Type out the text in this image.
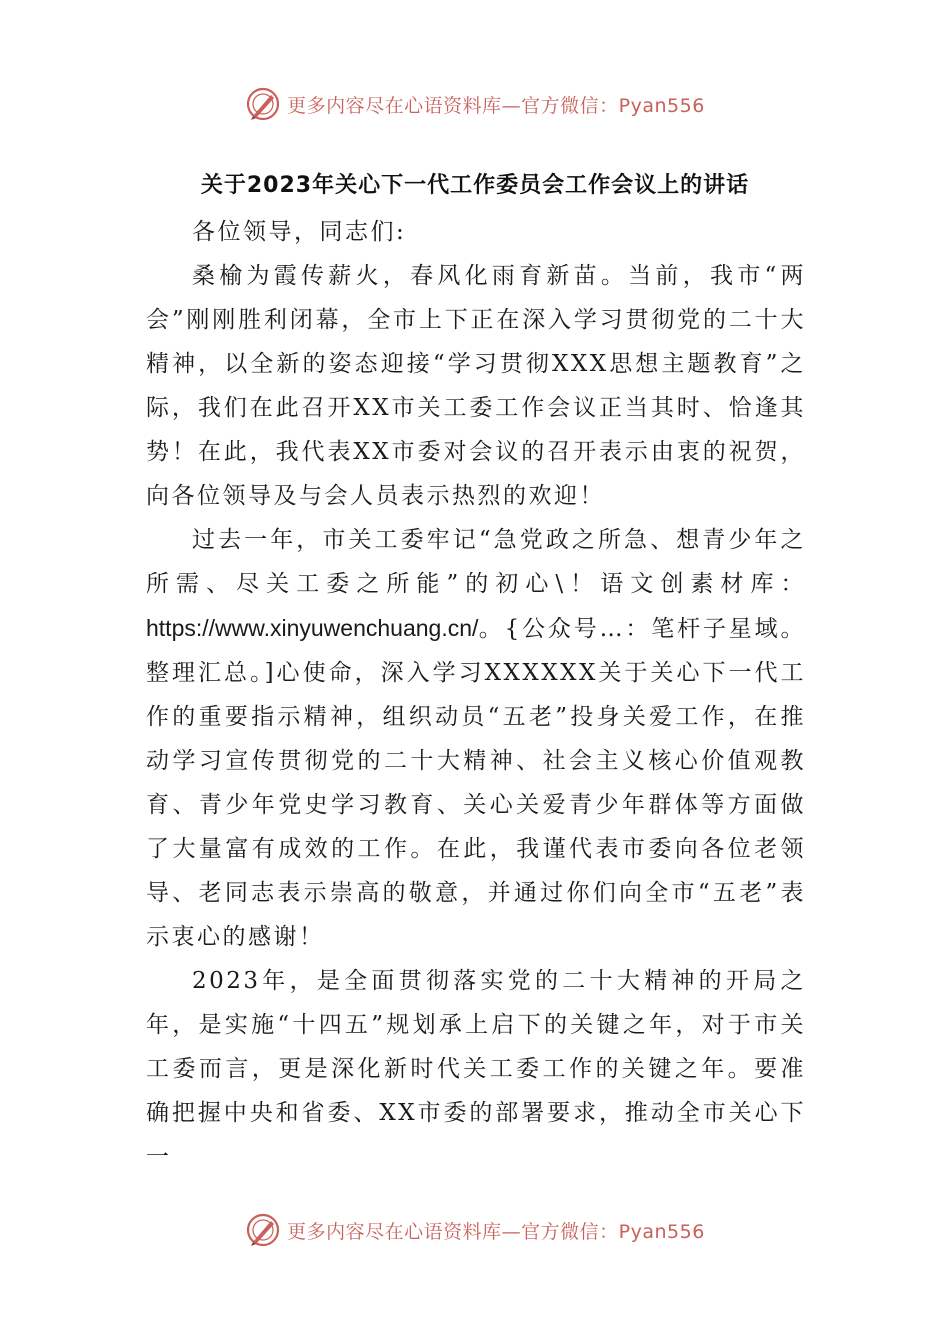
更多内容尽在心语资料库—官方微信：Pyan556
关于2023年关心下一代工作委员会工作会议上的讲话

各位领导，同志们:

桑榆为霞传薪火，春风化雨育新苗。当前，我市“两会”刚刚胜利闭幕，全市上下正在深入学习贯彻党的二十大精神，以全新的姿态迎接“学习贯彻XXX思想主题教育”之际，我们在此召开XX市关工委工作会议正当其时、恰逢其势！在此，我代表XX市委对会议的召开表示由衷的祝贺，向各位领导及与会人员表示热烈的欢迎！

过去一年，市关工委牢记“急党政之所急、想青少年之所需、尽关工委之所能”的初心\！语文创素材库：https://www.xinyuwenchuang.cn/。{公众号…：笔杆子星域。整理汇总。]心使命，深入学习XXXXXX关于关心下一代工作的重要指示精神，组织动员“五老”投身关爱工作，在推动学习宣传贯彻党的二十大精神、社会主义核心价值观教育、青少年党史学习教育、关心关爱青少年群体等方面做了大量富有成效的工作。在此，我谨代表市委向各位老领导、老同志表示崇高的敬意，并通过你们向全市“五老”表示衷心的感谢！

2023年，是全面贯彻落实党的二十大精神的开局之年，是实施“十四五”规划承上启下的关键之年，对于市关工委而言，更是深化新时代关工委工作的关键之年。要准确把握中央和省委、XX市委的部署要求，推动全市关心下一

更多内容尽在心语资料库—官方微信：Pyan556
